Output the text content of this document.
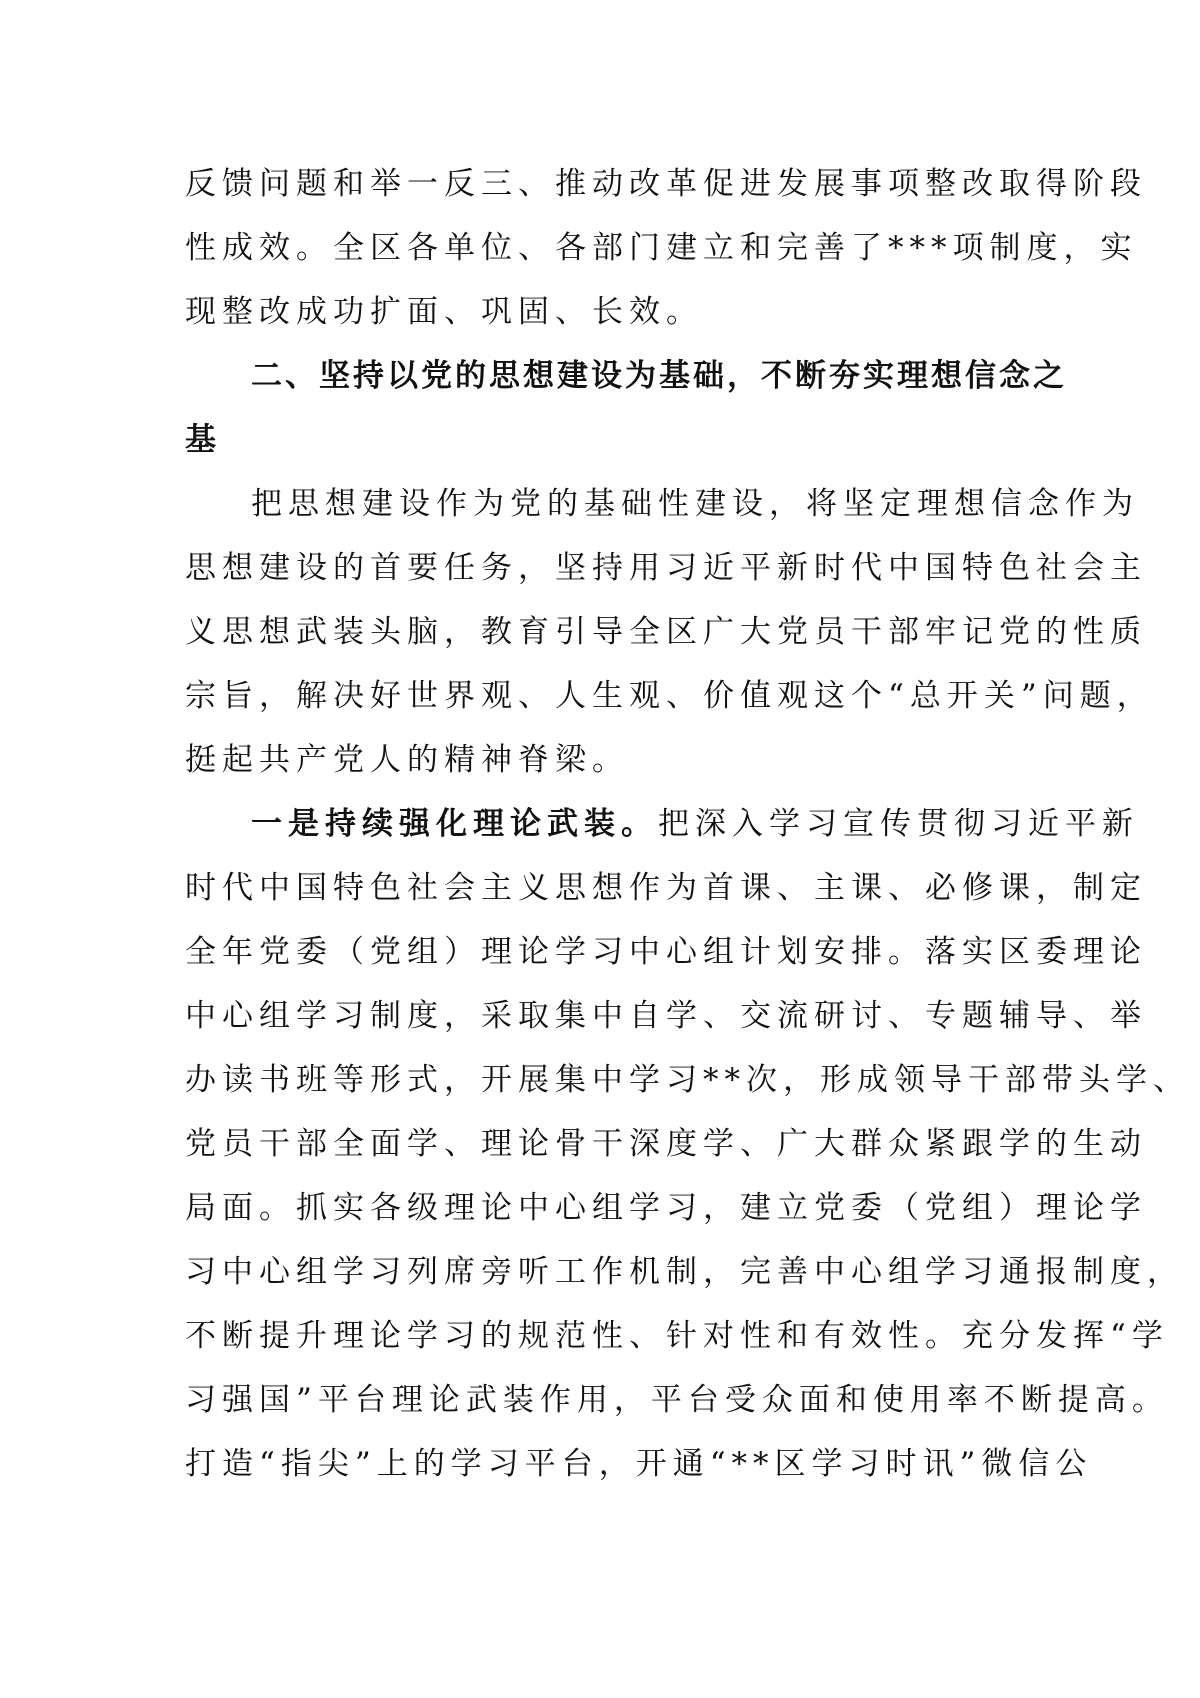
反馈问题和举一反三、推动改革促进发展事项整改取得阶段
性成效。全区各单位、各部门建立和完善了***项制度，实
现整改成功扩面、巩固、长效。
二、坚持以党的思想建设为基础，不断夯实理想信念之
基
把思想建设作为党的基础性建设，将坚定理想信念作为
思想建设的首要任务，坚持用习近平新时代中国特色社会主
义思想武装头脑，教育引导全区广大党员干部牢记党的性质
宗旨，解决好世界观、人生观、价值观这个“总开关”问题，
挺起共产党人的精神脊梁。
一是持续强化理论武装。把深入学习宣传贯彻习近平新
时代中国特色社会主义思想作为首课、主课、必修课，制定
全年党委（党组）理论学习中心组计划安排。落实区委理论
中心组学习制度，采取集中自学、交流研讨、专题辅导、举
办读书班等形式，开展集中学习**次，形成领导干部带头学、
党员干部全面学、理论骨干深度学、广大群众紧跟学的生动
局面。抓实各级理论中心组学习，建立党委（党组）理论学
习中心组学习列席旁听工作机制，完善中心组学习通报制度，
不断提升理论学习的规范性、针对性和有效性。充分发挥“学
习强国”平台理论武装作用，平台受众面和使用率不断提高。
打造“指尖”上的学习平台，开通“**区学习时讯”微信公
